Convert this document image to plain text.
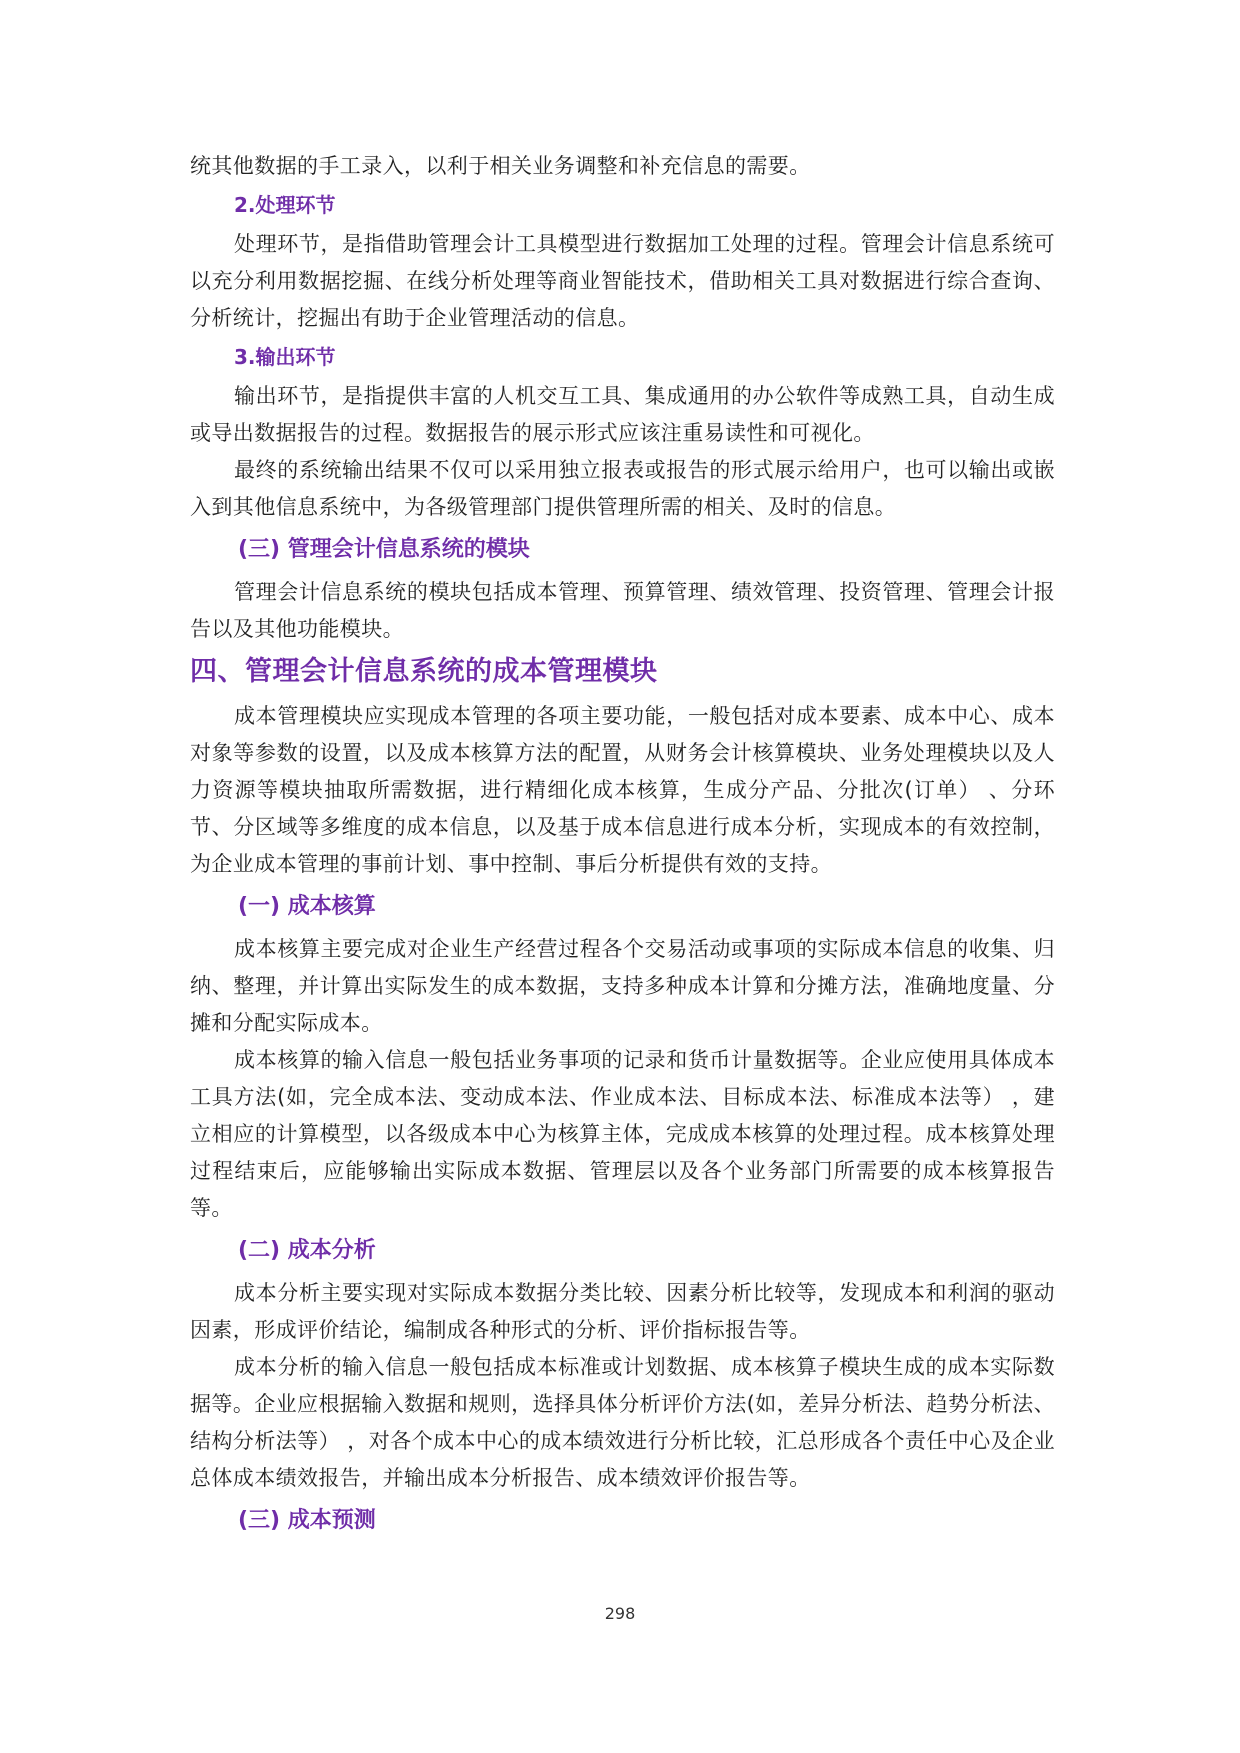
统其他数据的手工录入，以利于相关业务调整和补充信息的需要。

2.处理环节

处理环节，是指借助管理会计工具模型进行数据加工处理的过程。管理会计信息系统可以充分利用数据挖掘、在线分析处理等商业智能技术，借助相关工具对数据进行综合查询、分析统计，挖掘出有助于企业管理活动的信息。

3.输出环节

输出环节，是指提供丰富的人机交互工具、集成通用的办公软件等成熟工具，自动生成或导出数据报告的过程。数据报告的展示形式应该注重易读性和可视化。

最终的系统输出结果不仅可以采用独立报表或报告的形式展示给用户，也可以输出或嵌入到其他信息系统中，为各级管理部门提供管理所需的相关、及时的信息。

(三) 管理会计信息系统的模块

管理会计信息系统的模块包括成本管理、预算管理、绩效管理、投资管理、管理会计报告以及其他功能模块。

四、管理会计信息系统的成本管理模块

成本管理模块应实现成本管理的各项主要功能，一般包括对成本要素、成本中心、成本对象等参数的设置，以及成本核算方法的配置，从财务会计核算模块、业务处理模块以及人力资源等模块抽取所需数据，进行精细化成本核算，生成分产品、分批次(订单） 、分环节、分区域等多维度的成本信息，以及基于成本信息进行成本分析，实现成本的有效控制，为企业成本管理的事前计划、事中控制、事后分析提供有效的支持。

(一) 成本核算

成本核算主要完成对企业生产经营过程各个交易活动或事项的实际成本信息的收集、归纳、整理，并计算出实际发生的成本数据，支持多种成本计算和分摊方法，准确地度量、分摊和分配实际成本。

成本核算的输入信息一般包括业务事项的记录和货币计量数据等。企业应使用具体成本工具方法(如，完全成本法、变动成本法、作业成本法、目标成本法、标准成本法等） ，建立相应的计算模型，以各级成本中心为核算主体，完成成本核算的处理过程。成本核算处理过程结束后，应能够输出实际成本数据、管理层以及各个业务部门所需要的成本核算报告等。

(二) 成本分析

成本分析主要实现对实际成本数据分类比较、因素分析比较等，发现成本和利润的驱动因素，形成评价结论，编制成各种形式的分析、评价指标报告等。

成本分析的输入信息一般包括成本标准或计划数据、成本核算子模块生成的成本实际数据等。企业应根据输入数据和规则，选择具体分析评价方法(如，差异分析法、趋势分析法、结构分析法等） ，对各个成本中心的成本绩效进行分析比较，汇总形成各个责任中心及企业总体成本绩效报告，并输出成本分析报告、成本绩效评价报告等。

(三) 成本预测
298
